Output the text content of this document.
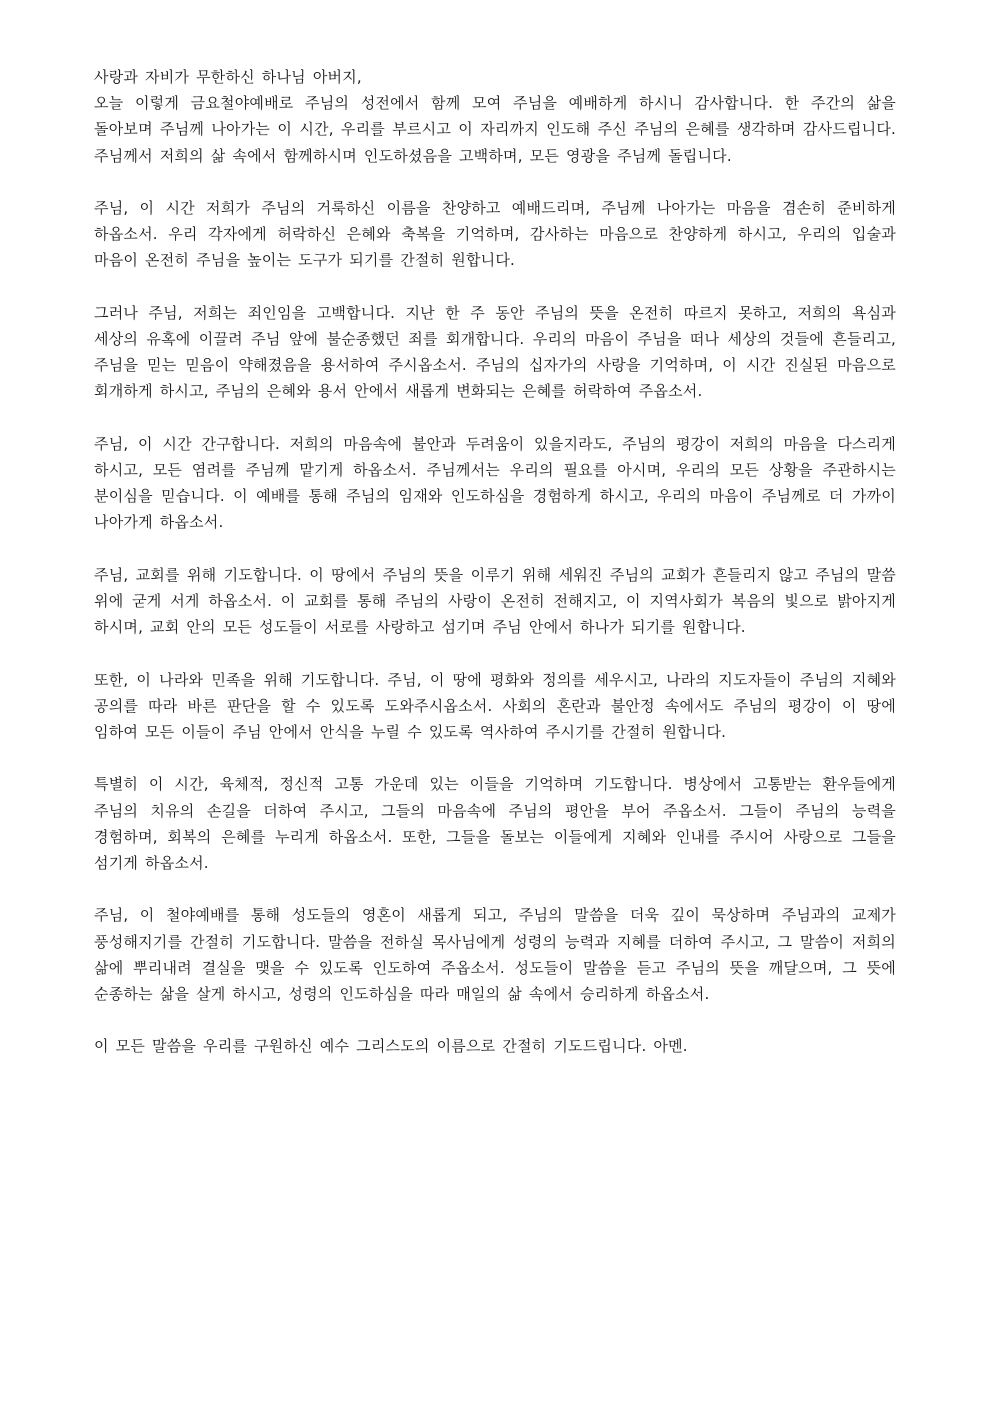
사랑과 자비가 무한하신 하나님 아버지,
오늘 이렇게 금요철야예배로 주님의 성전에서 함께 모여 주님을 예배하게 하시니 감사합니다. 한 주간의 삶을 돌아보며 주님께 나아가는 이 시간, 우리를 부르시고 이 자리까지 인도해 주신 주님의 은혜를 생각하며 감사드립니다. 주님께서 저희의 삶 속에서 함께하시며 인도하셨음을 고백하며, 모든 영광을 주님께 돌립니다.

주님, 이 시간 저희가 주님의 거룩하신 이름을 찬양하고 예배드리며, 주님께 나아가는 마음을 겸손히 준비하게 하옵소서. 우리 각자에게 허락하신 은혜와 축복을 기억하며, 감사하는 마음으로 찬양하게 하시고, 우리의 입술과 마음이 온전히 주님을 높이는 도구가 되기를 간절히 원합니다.

그러나 주님, 저희는 죄인임을 고백합니다. 지난 한 주 동안 주님의 뜻을 온전히 따르지 못하고, 저희의 욕심과 세상의 유혹에 이끌려 주님 앞에 불순종했던 죄를 회개합니다. 우리의 마음이 주님을 떠나 세상의 것들에 흔들리고, 주님을 믿는 믿음이 약해졌음을 용서하여 주시옵소서. 주님의 십자가의 사랑을 기억하며, 이 시간 진실된 마음으로 회개하게 하시고, 주님의 은혜와 용서 안에서 새롭게 변화되는 은혜를 허락하여 주옵소서.

주님, 이 시간 간구합니다. 저희의 마음속에 불안과 두려움이 있을지라도, 주님의 평강이 저희의 마음을 다스리게 하시고, 모든 염려를 주님께 맡기게 하옵소서. 주님께서는 우리의 필요를 아시며, 우리의 모든 상황을 주관하시는 분이심을 믿습니다. 이 예배를 통해 주님의 임재와 인도하심을 경험하게 하시고, 우리의 마음이 주님께로 더 가까이 나아가게 하옵소서.

주님, 교회를 위해 기도합니다. 이 땅에서 주님의 뜻을 이루기 위해 세워진 주님의 교회가 흔들리지 않고 주님의 말씀 위에 굳게 서게 하옵소서. 이 교회를 통해 주님의 사랑이 온전히 전해지고, 이 지역사회가 복음의 빛으로 밝아지게 하시며, 교회 안의 모든 성도들이 서로를 사랑하고 섬기며 주님 안에서 하나가 되기를 원합니다.

또한, 이 나라와 민족을 위해 기도합니다. 주님, 이 땅에 평화와 정의를 세우시고, 나라의 지도자들이 주님의 지혜와 공의를 따라 바른 판단을 할 수 있도록 도와주시옵소서. 사회의 혼란과 불안정 속에서도 주님의 평강이 이 땅에 임하여 모든 이들이 주님 안에서 안식을 누릴 수 있도록 역사하여 주시기를 간절히 원합니다.

특별히 이 시간, 육체적, 정신적 고통 가운데 있는 이들을 기억하며 기도합니다. 병상에서 고통받는 환우들에게 주님의 치유의 손길을 더하여 주시고, 그들의 마음속에 주님의 평안을 부어 주옵소서. 그들이 주님의 능력을 경험하며, 회복의 은혜를 누리게 하옵소서. 또한, 그들을 돌보는 이들에게 지혜와 인내를 주시어 사랑으로 그들을 섬기게 하옵소서.

주님, 이 철야예배를 통해 성도들의 영혼이 새롭게 되고, 주님의 말씀을 더욱 깊이 묵상하며 주님과의 교제가 풍성해지기를 간절히 기도합니다. 말씀을 전하실 목사님에게 성령의 능력과 지혜를 더하여 주시고, 그 말씀이 저희의 삶에 뿌리내려 결실을 맺을 수 있도록 인도하여 주옵소서. 성도들이 말씀을 듣고 주님의 뜻을 깨달으며, 그 뜻에 순종하는 삶을 살게 하시고, 성령의 인도하심을 따라 매일의 삶 속에서 승리하게 하옵소서.

이 모든 말씀을 우리를 구원하신 예수 그리스도의 이름으로 간절히 기도드립니다. 아멘.
